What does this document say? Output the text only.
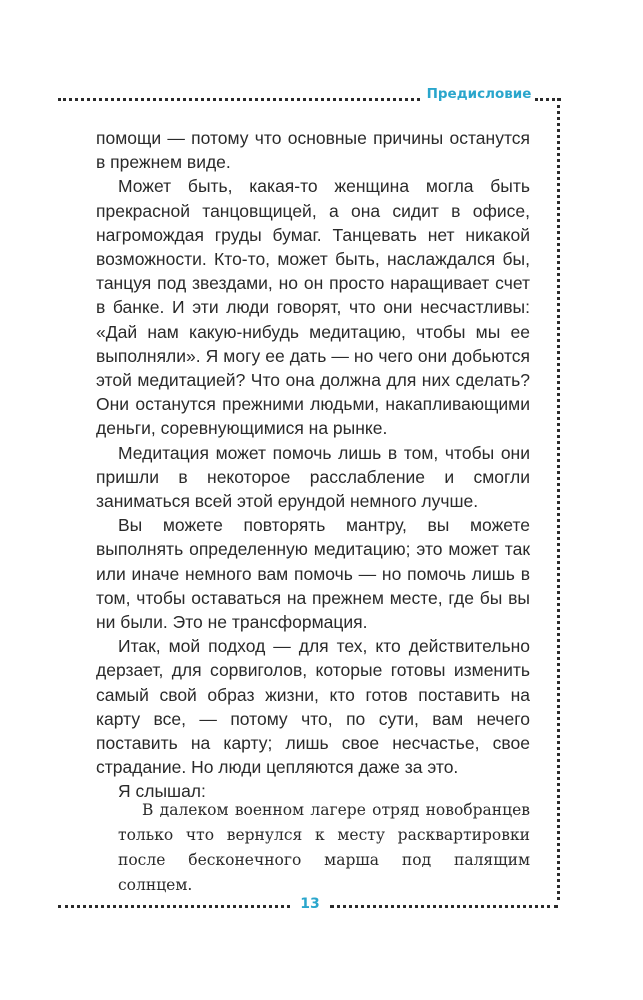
Предисловие

помощи — потому что основные причины останутся в прежнем виде.

Может быть, какая-то женщина могла быть прекрасной танцовщицей, а она сидит в офисе, нагромождая груды бумаг. Танцевать нет никакой возможности. Кто-то, может быть, наслаждался бы, танцуя под звездами, но он просто наращивает счет в банке. И эти люди говорят, что они несчастливы: «Дай нам какую-нибудь медитацию, чтобы мы ее выполняли». Я могу ее дать — но чего они добьются этой медитацией? Что она должна для них сделать? Они останутся прежними людьми, накапливающими деньги, соревнующимися на рынке.

Медитация может помочь лишь в том, чтобы они пришли в некоторое расслабление и смогли заниматься всей этой ерундой немного лучше.

Вы можете повторять мантру, вы можете выполнять определенную медитацию; это может так или иначе немного вам помочь — но помочь лишь в том, чтобы оставаться на прежнем месте, где бы вы ни были. Это не трансформация.

Итак, мой подход — для тех, кто действительно дерзает, для сорвиголов, которые готовы изменить самый свой образ жизни, кто готов поставить на карту все, — потому что, по сути, вам нечего поставить на карту; лишь свое несчастье, свое страдание. Но люди цепляются даже за это.

Я слышал:

В далеком военном лагере отряд новобранцев только что вернулся к месту расквартировки после бесконечного марша под палящим солнцем.

13
